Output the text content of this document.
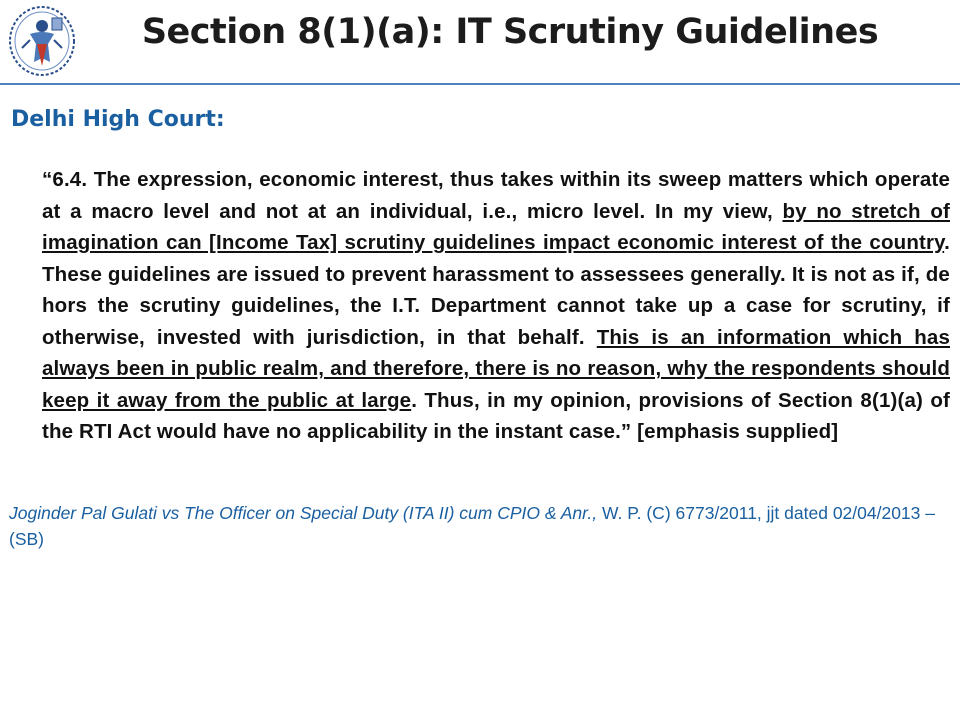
Section 8(1)(a): IT Scrutiny Guidelines
Delhi High Court:

“6.4. The expression, economic interest, thus takes within its sweep matters which operate at a macro level and not at an individual, i.e., micro level. In my view, by no stretch of imagination can [Income Tax] scrutiny guidelines impact economic interest of the country. These guidelines are issued to prevent harassment to assessees generally. It is not as if, de hors the scrutiny guidelines, the I.T. Department cannot take up a case for scrutiny, if otherwise, invested with jurisdiction, in that behalf. This is an information which has always been in public realm, and therefore, there is no reason, why the respondents should keep it away from the public at large. Thus, in my opinion, provisions of Section 8(1)(a) of the RTI Act would have no applicability in the instant case.” [emphasis supplied]

Joginder Pal Gulati vs The Officer on Special Duty (ITA II) cum CPIO & Anr., W. P. (C) 6773/2011, jjt dated 02/04/2013 – (SB)
